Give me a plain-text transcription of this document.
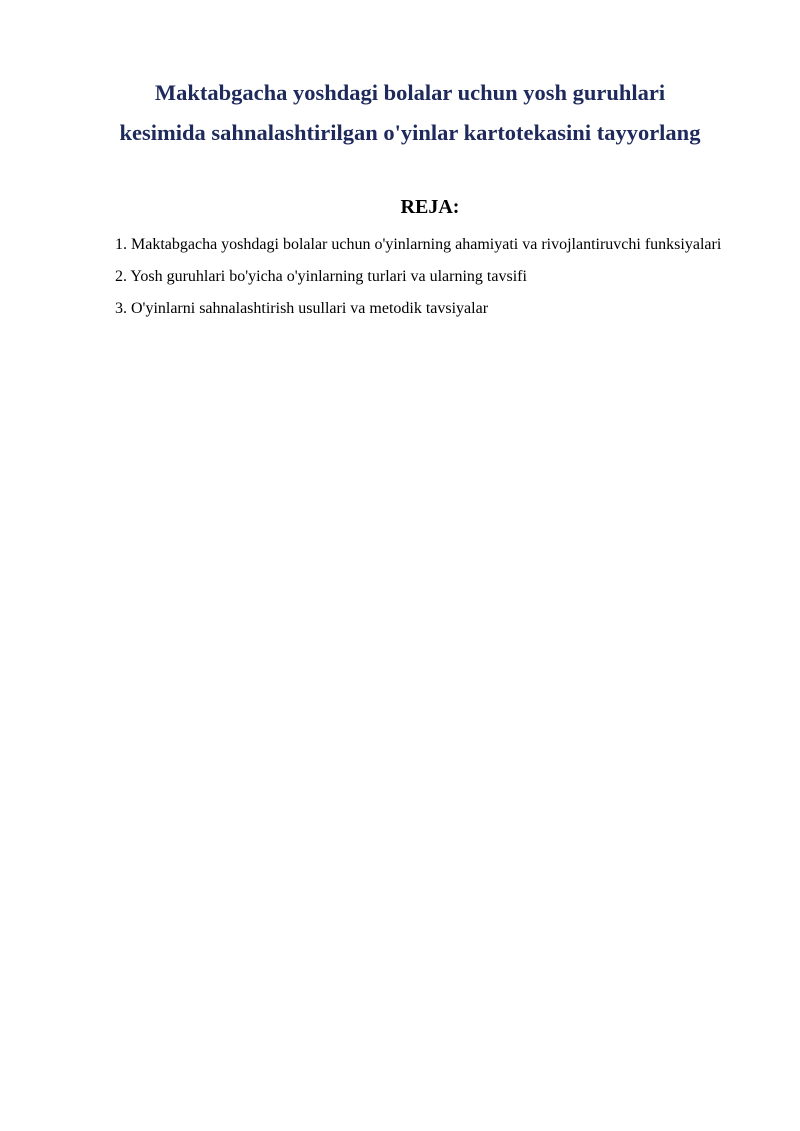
Maktabgacha yoshdagi bolalar uchun yosh guruhlari
kesimida sahnalashtirilgan o'yinlar kartotekasini tayyorlang
REJA:
1. Maktabgacha yoshdagi bolalar uchun o'yinlarning ahamiyati va rivojlantiruvchi funksiyalari
2. Yosh guruhlari bo'yicha o'yinlarning turlari va ularning tavsifi
3. O'yinlarni sahnalashtirish usullari va metodik tavsiyalar
